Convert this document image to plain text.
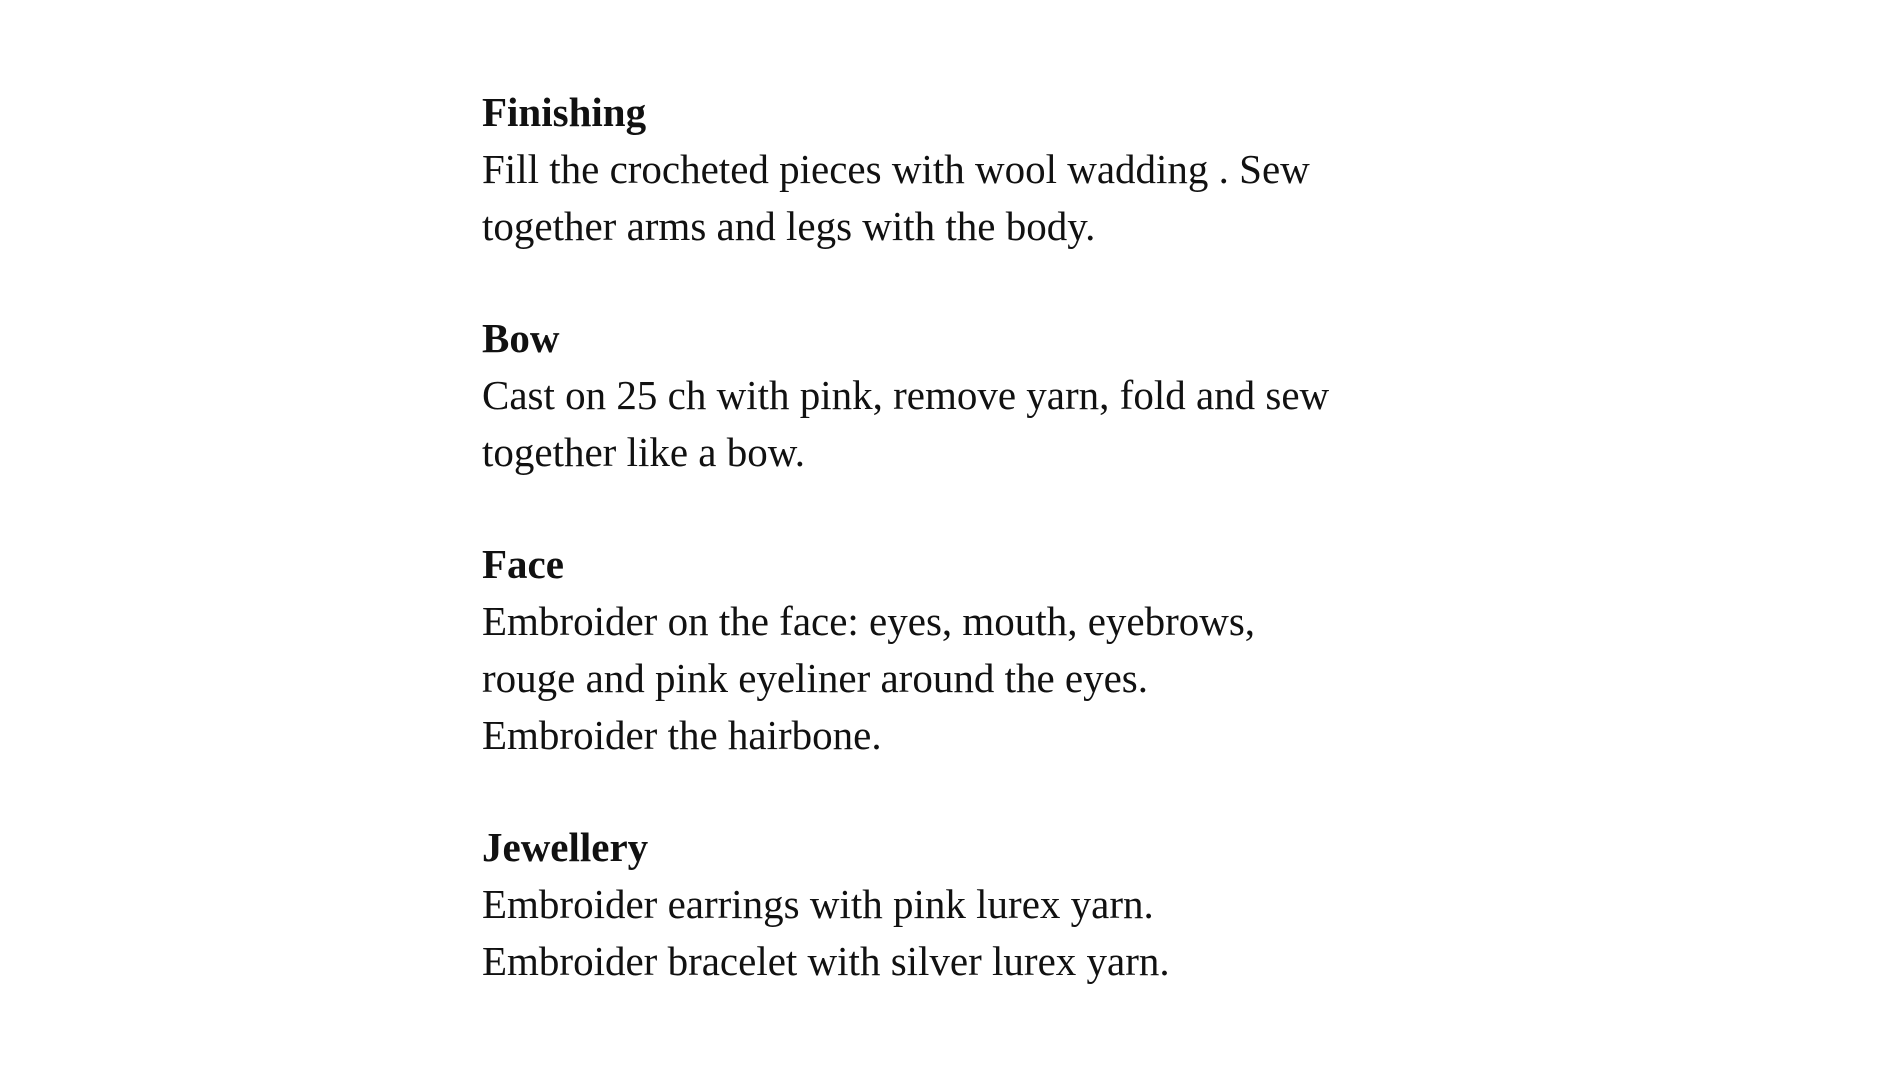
Finishing
Fill the crocheted pieces with wool wadding . Sew
together arms and legs with the body.
Bow
Cast on 25 ch with pink, remove yarn, fold and sew
together like a bow.
Face
Embroider on the face: eyes, mouth, eyebrows,
rouge and pink eyeliner around the eyes.
Embroider the hairbone.
Jewellery
Embroider earrings with pink lurex yarn.
Embroider bracelet with silver lurex yarn.
